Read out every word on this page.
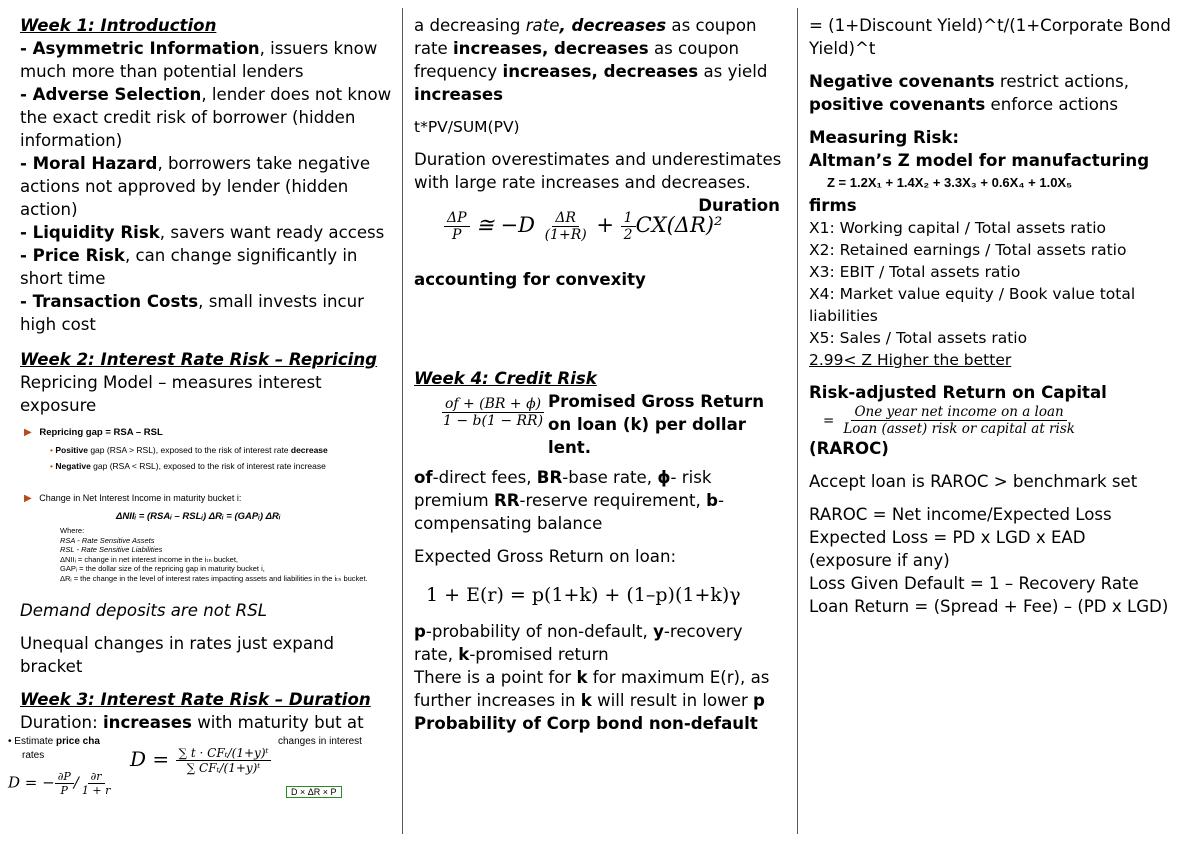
Week 1: Introduction

- Asymmetric Information, issuers know much more than potential lenders

- Adverse Selection, lender does not know the exact credit risk of borrower (hidden information)

- Moral Hazard, borrowers take negative actions not approved by lender (hidden action)

- Liquidity Risk, savers want ready access

- Price Risk, can change significantly in short time

- Transaction Costs, small invests incur high cost

Week 2: Interest Rate Risk – Repricing

Repricing Model – measures interest exposure

▶ Repricing gap = RSA – RSL
• Positive gap (RSA > RSL), exposed to the risk of interest rate decrease
• Negative gap (RSA < RSL), exposed to the risk of interest rate increase
▶ Change in Net Interest Income in maturity bucket i:
ΔNIIᵢ = (RSAᵢ – RSLᵢ) ΔRᵢ = (GAPᵢ) ΔRᵢ
Where:
RSA - Rate Sensitive Assets
RSL - Rate Sensitive Liabilities
ΔNIIᵢ = change in net interest income in the iₜₕ bucket,
GAPᵢ = the dollar size of the repricing gap in maturity bucket i,
ΔRᵢ = the change in the level of interest rates impacting assets and liabilities in the iₜₕ bucket.

Demand deposits are not RSL

Unequal changes in rates just expand bracket

Week 3: Interest Rate Risk – Duration

Duration: increases with maturity but at

• Estimate price cha
rates
changes in interest
D = − $\frac{\partial P}{P} / \frac{\partial r}{1 + r}$
$D = \frac{\text{∑ t · CFₜ/(1+y)ᵗ}}{\text{∑ CFₜ/(1+y)ᵗ}}$
D × ΔR × P

a decreasing rate, decreases as coupon rate increases, decreases as coupon frequency increases, decreases as yield increases

t*PV/SUM(PV)

Duration overestimates and underestimates with large rate increases and decreases.

Duration
$\frac{\Delta P}{P}$ ≅ $-D \frac{\Delta R}{(1+R)} + \frac{1}{2} CX(\Delta R)^2$

accounting for convexity

Week 4: Credit Risk

$\frac{of + (BR + \phi)}{1 - b(1 - RR)}$ Promised Gross Return on loan (k) per dollar lent.

of-direct fees, BR-base rate, ϕ- risk premium RR-reserve requirement, b-compensating balance

Expected Gross Return on loan:

1 + E(r) = p(1+k) + (1–p)(1+k)γ

p-probability of non-default, y-recovery rate, k-promised return

There is a point for k for maximum E(r), as further increases in k will result in lower p

Probability of Corp bond non-default

= (1+Discount Yield)^t/(1+Corporate Bond Yield)^t

Negative covenants restrict actions, positive covenants enforce actions

Measuring Risk:

Altman’s Z model for manufacturing

Z = 1.2X₁ + 1.4X₂ + 3.3X₃ + 0.6X₄ + 1.0X₅

firms

X1: Working capital / Total assets ratio

X2: Retained earnings / Total assets ratio

X3: EBIT / Total assets ratio

X4: Market value equity / Book value total liabilities

X5: Sales / Total assets ratio

2.99< Z Higher the better

Risk-adjusted Return on Capital

= $\frac{\text{One year net income on a loan}}{\text{Loan (asset) risk or capital at risk}}$

(RAROC)

Accept loan is RAROC > benchmark set

RAROC = Net income/Expected Loss

Expected Loss = PD x LGD x EAD

(exposure if any)

Loss Given Default = 1 – Recovery Rate

Loan Return = (Spread + Fee) – (PD x LGD)
